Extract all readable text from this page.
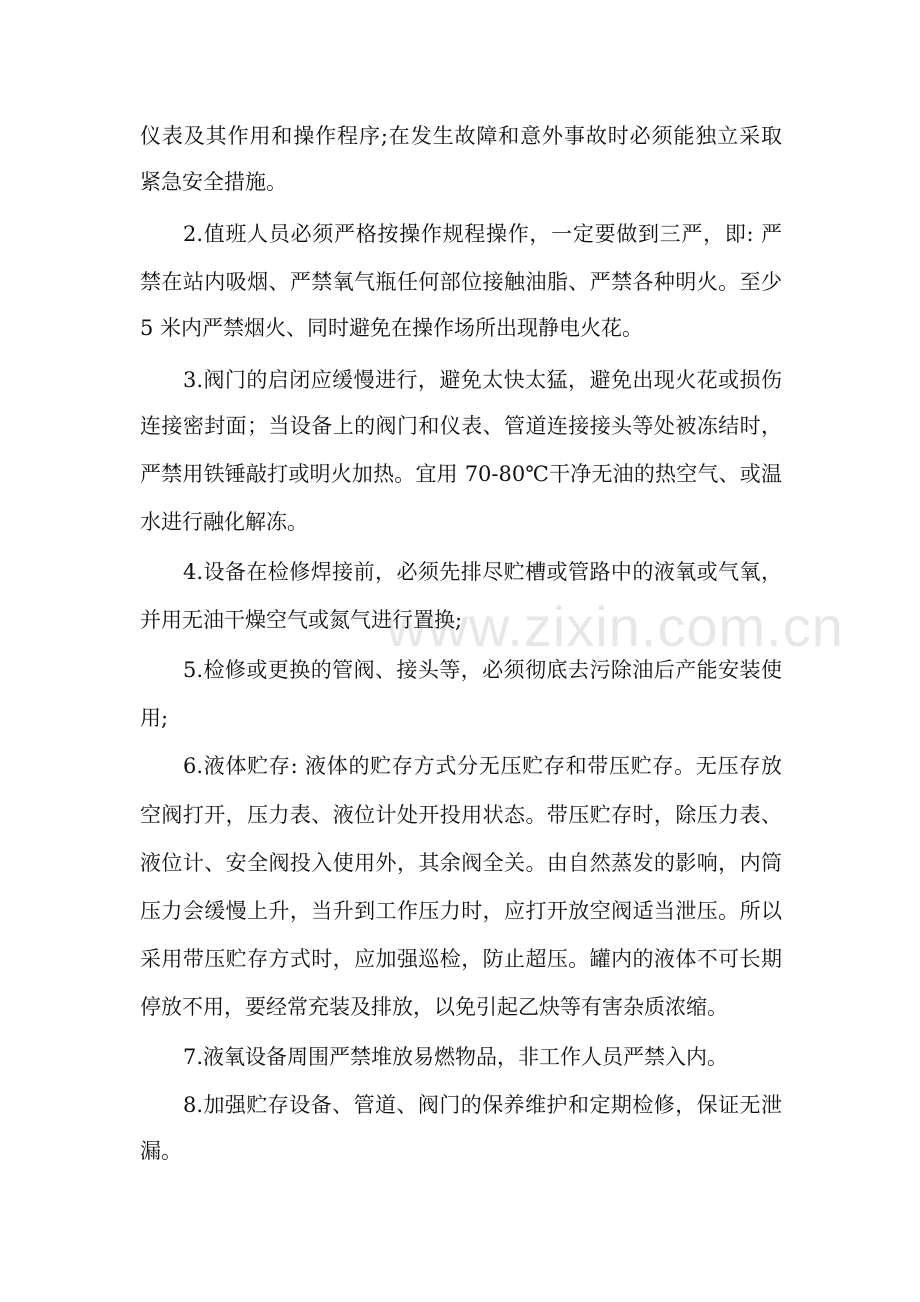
www.zixin.com.cn
仪表及其作用和操作程序;在发生故障和意外事故时必须能独立采取
紧急安全措施。
2.值班人员必须严格按操作规程操作，一定要做到三严，即: 严
禁在站内吸烟、严禁氧气瓶任何部位接触油脂、严禁各种明火。至少
5 米内严禁烟火、同时避免在操作场所出现静电火花。
3.阀门的启闭应缓慢进行，避免太快太猛，避免出现火花或损伤
连接密封面；当设备上的阀门和仪表、管道连接接头等处被冻结时，
严禁用铁锤敲打或明火加热。宜用 70-80℃干净无油的热空气、或温
水进行融化解冻。
4.设备在检修焊接前，必须先排尽贮槽或管路中的液氧或气氧，
并用无油干燥空气或氮气进行置换;
5.检修或更换的管阀、接头等，必须彻底去污除油后产能安装使
用;
6.液体贮存: 液体的贮存方式分无压贮存和带压贮存。无压存放
空阀打开，压力表、液位计处开投用状态。带压贮存时，除压力表、
液位计、安全阀投入使用外，其余阀全关。由自然蒸发的影响，内筒
压力会缓慢上升，当升到工作压力时，应打开放空阀适当泄压。所以
采用带压贮存方式时，应加强巡检，防止超压。罐内的液体不可长期
停放不用，要经常充装及排放，以免引起乙炔等有害杂质浓缩。
7.液氧设备周围严禁堆放易燃物品，非工作人员严禁入内。
8.加强贮存设备、管道、阀门的保养维护和定期检修，保证无泄
漏。
